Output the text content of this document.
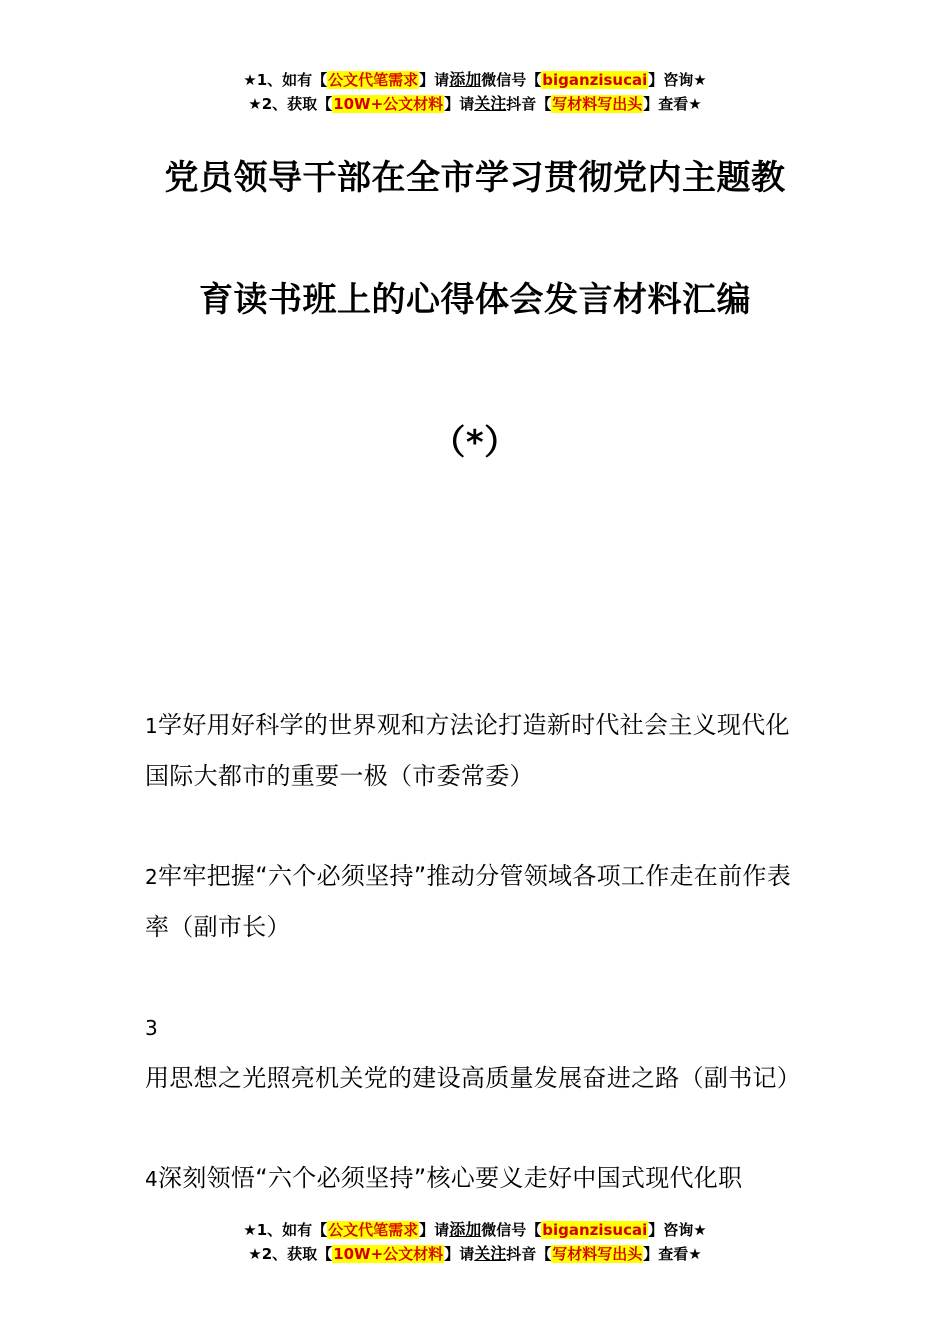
★1、如有【公文代笔需求】请添加微信号【biganzisucai】咨询★
★2、获取【10W+公文材料】请关注抖音【写材料写出头】查看★
党员领导干部在全市学习贯彻党内主题教
育读书班上的心得体会发言材料汇编
（*）
1学好用好科学的世界观和方法论打造新时代社会主义现代化国际大都市的重要一极（市委常委）
2牢牢把握“六个必须坚持”推动分管领域各项工作走在前作表率（副市长）
3用思想之光照亮机关党的建设高质量发展奋进之路（副书记）
4深刻领悟“六个必须坚持”核心要义走好中国式现代化职
★1、如有【公文代笔需求】请添加微信号【biganzisucai】咨询★
★2、获取【10W+公文材料】请关注抖音【写材料写出头】查看★
